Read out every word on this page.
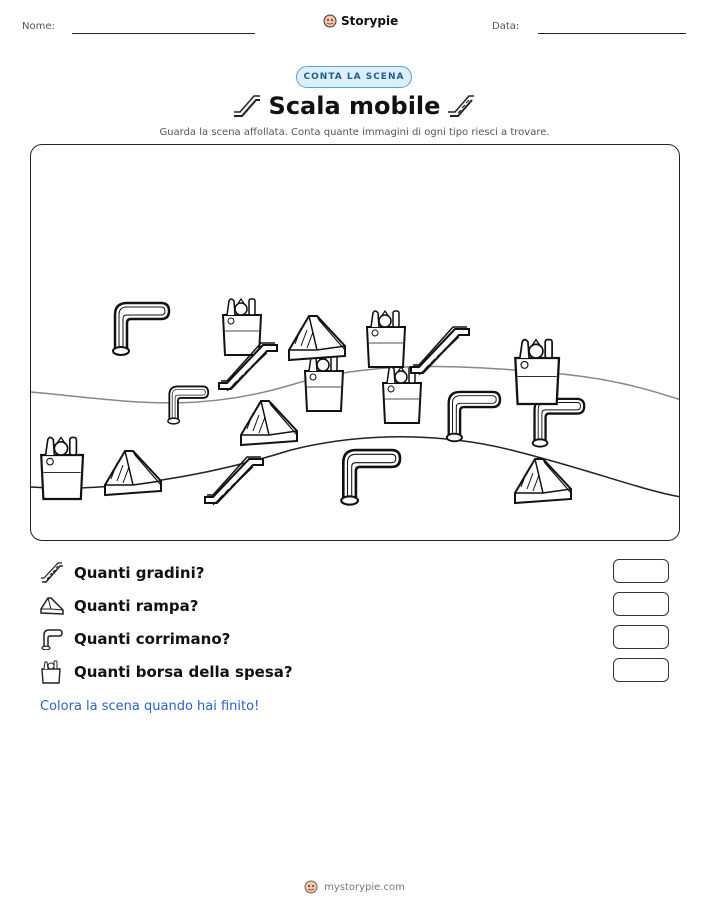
Nome:	Storypie	Data:
CONTA LA SCENA
Scala mobile
Guarda la scena affollata. Conta quante immagini di ogni tipo riesci a trovare.
Quanti gradini?
Quanti rampa?
Quanti corrimano?
Quanti borsa della spesa?
Colora la scena quando hai finito!
mystorypie.com
